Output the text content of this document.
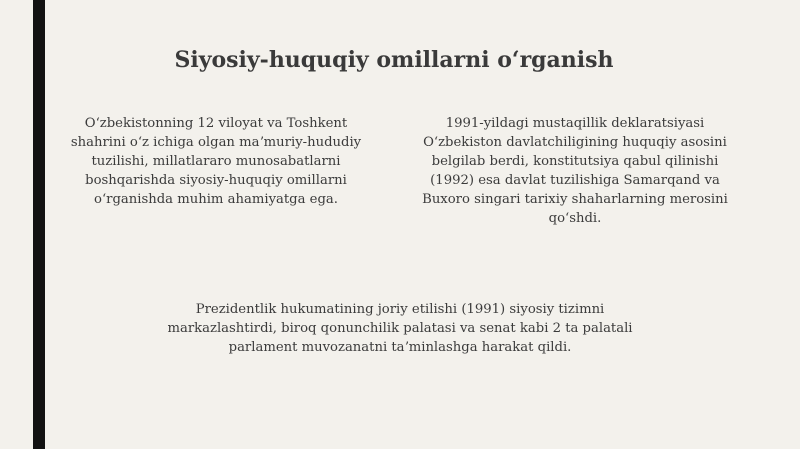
Siyosiy-huquqiy omillarni oʻrganish
Oʻzbekistonning 12 viloyat va Toshkent
shahrini oʻz ichiga olgan maʼmuriy-hududiy
tuzilishi, millatlararo munosabatlarni
boshqarishda siyosiy-huquqiy omillarni
oʻrganishda muhim ahamiyatga ega.
1991-yildagi mustaqillik deklaratsiyasi
Oʻzbekiston davlatchiligining huquqiy asosini
belgilab berdi, konstitutsiya qabul qilinishi
(1992) esa davlat tuzilishiga Samarqand va
Buxoro singari tarixiy shaharlarning merosini
qoʻshdi.
Prezidentlik hukumatining joriy etilishi (1991) siyosiy tizimni
markazlashtirdi, biroq qonunchilik palatasi va senat kabi 2 ta palatali
parlament muvozanatni taʼminlashga harakat qildi.
